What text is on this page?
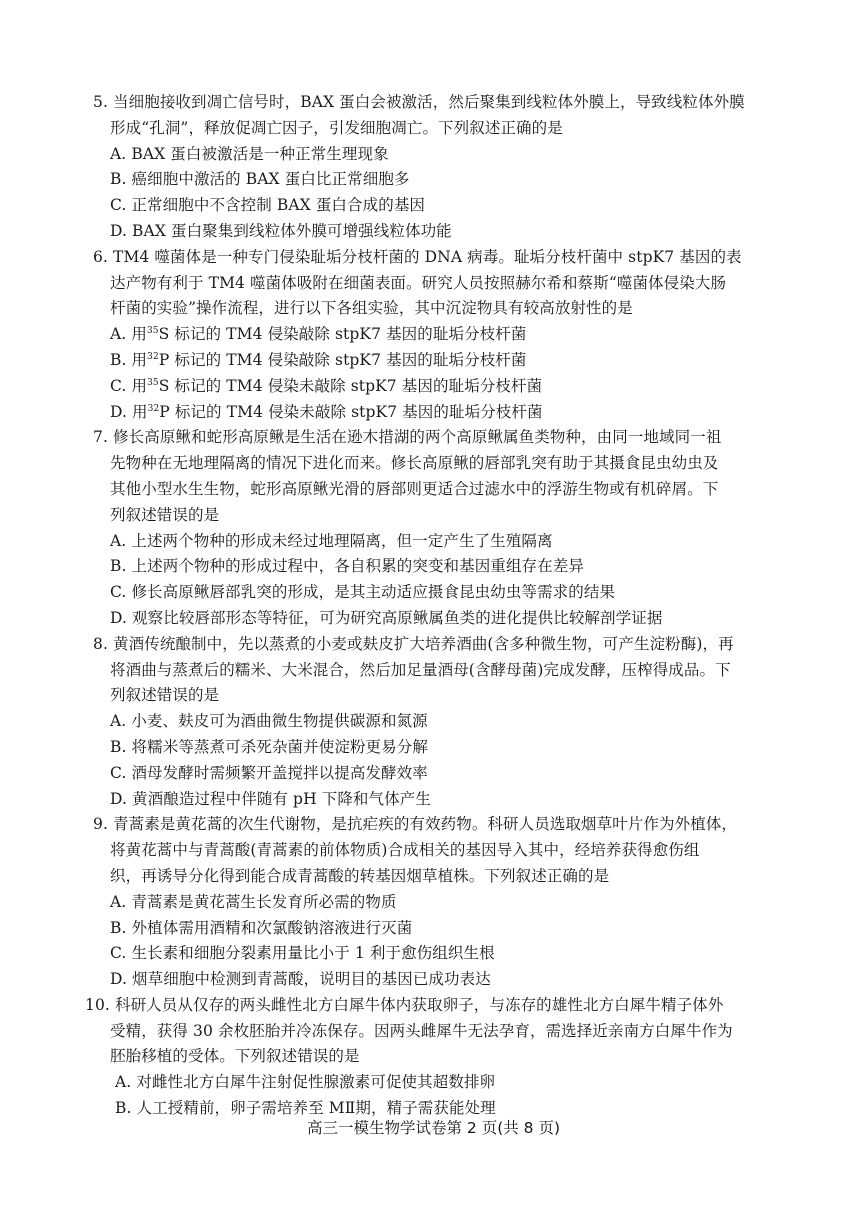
5. 当细胞接收到凋亡信号时，BAX 蛋白会被激活，然后聚集到线粒体外膜上，导致线粒体外膜
形成“孔洞”，释放促凋亡因子，引发细胞凋亡。下列叙述正确的是
A. BAX 蛋白被激活是一种正常生理现象
B. 癌细胞中激活的 BAX 蛋白比正常细胞多
C. 正常细胞中不含控制 BAX 蛋白合成的基因
D. BAX 蛋白聚集到线粒体外膜可增强线粒体功能
6. TM4 噬菌体是一种专门侵染耻垢分枝杆菌的 DNA 病毒。耻垢分枝杆菌中 stpK7 基因的表
达产物有利于 TM4 噬菌体吸附在细菌表面。研究人员按照赫尔希和蔡斯“噬菌体侵染大肠
杆菌的实验”操作流程，进行以下各组实验，其中沉淀物具有较高放射性的是
A. 用$^{35}$S 标记的 TM4 侵染敲除 stpK7 基因的耻垢分枝杆菌
B. 用$^{32}$P 标记的 TM4 侵染敲除 stpK7 基因的耻垢分枝杆菌
C. 用$^{35}$S 标记的 TM4 侵染未敲除 stpK7 基因的耻垢分枝杆菌
D. 用$^{32}$P 标记的 TM4 侵染未敲除 stpK7 基因的耻垢分枝杆菌
7. 修长高原鳅和蛇形高原鳅是生活在逊木措湖的两个高原鳅属鱼类物种，由同一地域同一祖
先物种在无地理隔离的情况下进化而来。修长高原鳅的唇部乳突有助于其摄食昆虫幼虫及
其他小型水生生物，蛇形高原鳅光滑的唇部则更适合过滤水中的浮游生物或有机碎屑。下
列叙述错误的是
A. 上述两个物种的形成未经过地理隔离，但一定产生了生殖隔离
B. 上述两个物种的形成过程中，各自积累的突变和基因重组存在差异
C. 修长高原鳅唇部乳突的形成，是其主动适应摄食昆虫幼虫等需求的结果
D. 观察比较唇部形态等特征，可为研究高原鳅属鱼类的进化提供比较解剖学证据
8. 黄酒传统酿制中，先以蒸煮的小麦或麸皮扩大培养酒曲(含多种微生物，可产生淀粉酶)，再
将酒曲与蒸煮后的糯米、大米混合，然后加足量酒母(含酵母菌)完成发酵，压榨得成品。下
列叙述错误的是
A. 小麦、麸皮可为酒曲微生物提供碳源和氮源
B. 将糯米等蒸煮可杀死杂菌并使淀粉更易分解
C. 酒母发酵时需频繁开盖搅拌以提高发酵效率
D. 黄酒酿造过程中伴随有 pH 下降和气体产生
9. 青蒿素是黄花蒿的次生代谢物，是抗疟疾的有效药物。科研人员选取烟草叶片作为外植体，
将黄花蒿中与青蒿酸(青蒿素的前体物质)合成相关的基因导入其中，经培养获得愈伤组
织，再诱导分化得到能合成青蒿酸的转基因烟草植株。下列叙述正确的是
A. 青蒿素是黄花蒿生长发育所必需的物质
B. 外植体需用酒精和次氯酸钠溶液进行灭菌
C. 生长素和细胞分裂素用量比小于 1 利于愈伤组织生根
D. 烟草细胞中检测到青蒿酸，说明目的基因已成功表达
10. 科研人员从仅存的两头雌性北方白犀牛体内获取卵子，与冻存的雄性北方白犀牛精子体外
受精，获得 30 余枚胚胎并冷冻保存。因两头雌犀牛无法孕育，需选择近亲南方白犀牛作为
胚胎移植的受体。下列叙述错误的是
A. 对雌性北方白犀牛注射促性腺激素可促使其超数排卵
B. 人工授精前，卵子需培养至 MⅡ期，精子需获能处理
高三一模生物学试卷第 2 页(共 8 页)
